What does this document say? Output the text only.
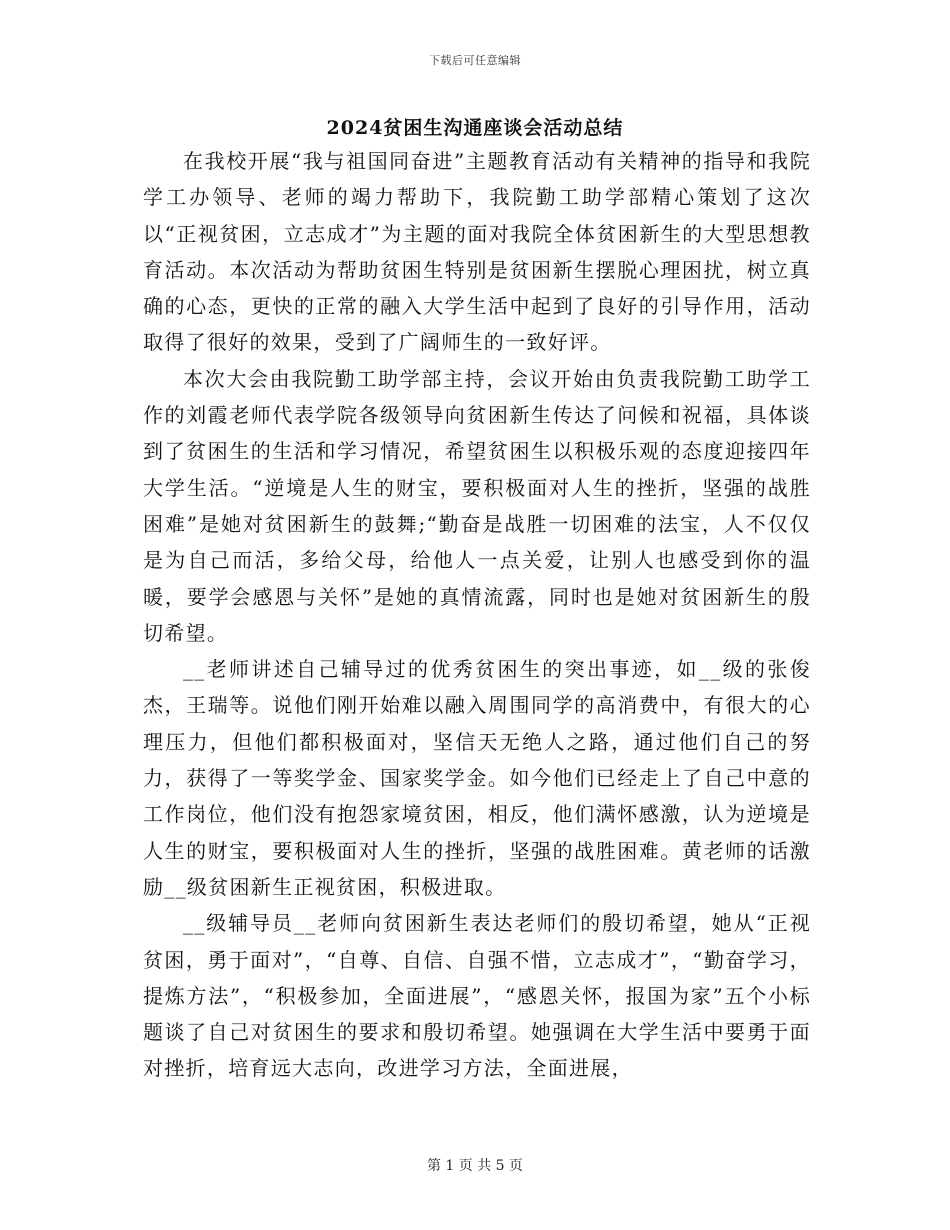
下载后可任意编辑
2024贫困生沟通座谈会活动总结

在我校开展“我与祖国同奋进”主题教育活动有关精神的指导和我院学工办领导、老师的竭力帮助下，我院勤工助学部精心策划了这次以“正视贫困，立志成才”为主题的面对我院全体贫困新生的大型思想教育活动。本次活动为帮助贫困生特别是贫困新生摆脱心理困扰，树立真确的心态，更快的正常的融入大学生活中起到了良好的引导作用，活动取得了很好的效果，受到了广阔师生的一致好评。

本次大会由我院勤工助学部主持，会议开始由负责我院勤工助学工作的刘霞老师代表学院各级领导向贫困新生传达了问候和祝福，具体谈到了贫困生的生活和学习情况，希望贫困生以积极乐观的态度迎接四年大学生活。“逆境是人生的财宝，要积极面对人生的挫折，坚强的战胜困难”是她对贫困新生的鼓舞;“勤奋是战胜一切困难的法宝，人不仅仅是为自己而活，多给父母，给他人一点关爱，让别人也感受到你的温暖，要学会感恩与关怀”是她的真情流露，同时也是她对贫困新生的殷切希望。

__老师讲述自己辅导过的优秀贫困生的突出事迹，如__级的张俊杰，王瑞等。说他们刚开始难以融入周围同学的高消费中，有很大的心理压力，但他们都积极面对，坚信天无绝人之路，通过他们自己的努力，获得了一等奖学金、国家奖学金。如今他们已经走上了自己中意的工作岗位，他们没有抱怨家境贫困，相反，他们满怀感激，认为逆境是人生的财宝，要积极面对人生的挫折，坚强的战胜困难。黄老师的话激励__级贫困新生正视贫困，积极进取。

__级辅导员__老师向贫困新生表达老师们的殷切希望，她从“正视贫困，勇于面对”，“自尊、自信、自强不惜，立志成才”，“勤奋学习，提炼方法”，“积极参加，全面进展”，“感恩关怀，报国为家”五个小标题谈了自己对贫困生的要求和殷切希望。她强调在大学生活中要勇于面对挫折，培育远大志向，改进学习方法，全面进展，

第 1 页 共 5 页
